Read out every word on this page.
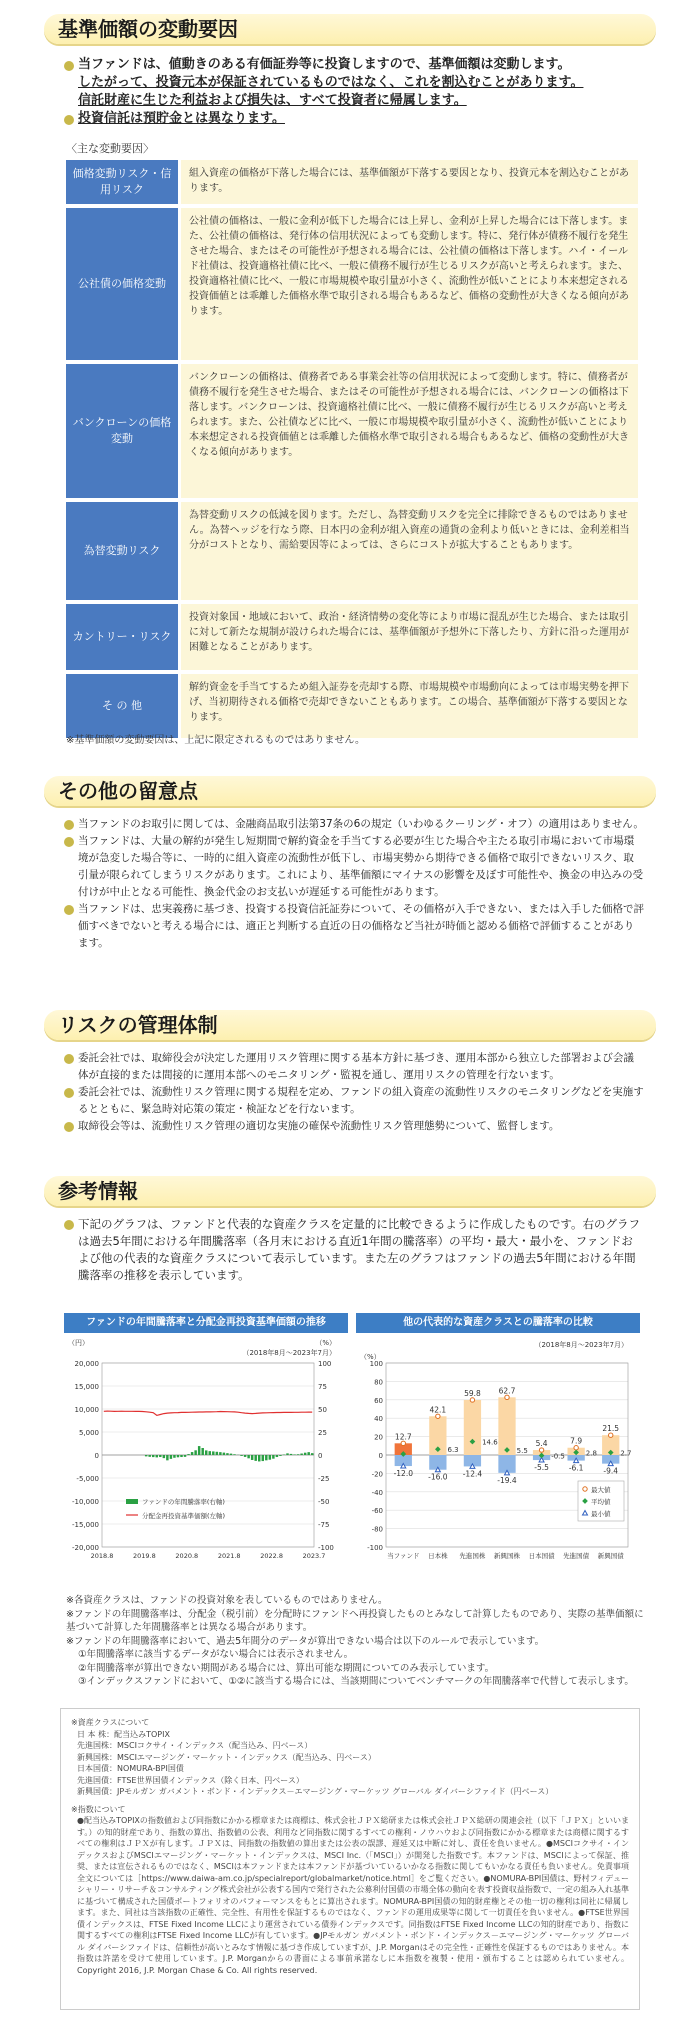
基準価額の変動要因
当ファンドは、値動きのある有価証券等に投資しますので、基準価額は変動します。
したがって、投資元本が保証されているものではなく、これを割込むことがあります。
信託財産に生じた利益および損失は、すべて投資者に帰属します。
投資信託は預貯金とは異なります。
〈主な変動要因〉
価格変動リスク・信用リスク
組入資産の価格が下落した場合には、基準価額が下落する要因となり、投資元本を割込むことがあります。
公社債の価格変動
公社債の価格は、一般に金利が低下した場合には上昇し、金利が上昇した場合には下落します。また、公社債の価格は、発行体の信用状況によっても変動します。特に、発行体が債務不履行を発生させた場合、またはその可能性が予想される場合には、公社債の価格は下落します。ハイ・イールド社債は、投資適格社債に比べ、一般に債務不履行が生じるリスクが高いと考えられます。また、投資適格社債に比べ、一般に市場規模や取引量が小さく、流動性が低いことにより本来想定される投資価値とは乖離した価格水準で取引される場合もあるなど、価格の変動性が大きくなる傾向があります。
バンクローンの価格変動
バンクローンの価格は、債務者である事業会社等の信用状況によって変動します。特に、債務者が債務不履行を発生させた場合、またはその可能性が予想される場合には、バンクローンの価格は下落します。バンクローンは、投資適格社債に比べ、一般に債務不履行が生じるリスクが高いと考えられます。また、公社債などに比べ、一般に市場規模や取引量が小さく、流動性が低いことにより本来想定される投資価値とは乖離した価格水準で取引される場合もあるなど、価格の変動性が大きくなる傾向があります。
為替変動リスク
為替変動リスクの低減を図ります。ただし、為替変動リスクを完全に排除できるものではありません。為替ヘッジを行なう際、日本円の金利が組入資産の通貨の金利より低いときには、金利差相当分がコストとなり、需給要因等によっては、さらにコストが拡大することもあります。
カントリー・リスク
投資対象国・地域において、政治・経済情勢の変化等により市場に混乱が生じた場合、または取引に対して新たな規制が設けられた場合には、基準価額が予想外に下落したり、方針に沿った運用が困難となることがあります。
そ の 他
解約資金を手当てするため組入証券を売却する際、市場規模や市場動向によっては市場実勢を押下げ、当初期待される価格で売却できないこともあります。この場合、基準価額が下落する要因となります。
※基準価額の変動要因は、上記に限定されるものではありません。
その他の留意点
当ファンドのお取引に関しては、金融商品取引法第37条の6の規定（いわゆるクーリング・オフ）の適用はありません。
当ファンドは、大量の解約が発生し短期間で解約資金を手当てする必要が生じた場合や主たる取引市場において市場環境が急変した場合等に、一時的に組入資産の流動性が低下し、市場実勢から期待できる価格で取引できないリスク、取引量が限られてしまうリスクがあります。これにより、基準価額にマイナスの影響を及ぼす可能性や、換金の申込みの受付けが中止となる可能性、換金代金のお支払いが遅延する可能性があります。
当ファンドは、忠実義務に基づき、投資する投資信託証券について、その価格が入手できない、または入手した価格で評価すべきでないと考える場合には、適正と判断する直近の日の価格など当社が時価と認める価格で評価することがあります。
リスクの管理体制
委託会社では、取締役会が決定した運用リスク管理に関する基本方針に基づき、運用本部から独立した部署および会議体が直接的または間接的に運用本部へのモニタリング・監視を通し、運用リスクの管理を行ないます。
委託会社では、流動性リスク管理に関する規程を定め、ファンドの組入資産の流動性リスクのモニタリングなどを実施するとともに、緊急時対応策の策定・検証などを行ないます。
取締役会等は、流動性リスク管理の適切な実施の確保や流動性リスク管理態勢について、監督します。
参考情報
下記のグラフは、ファンドと代表的な資産クラスを定量的に比較できるように作成したものです。右のグラフは過去5年間における年間騰落率（各月末における直近1年間の騰落率）の平均・最大・最小を、ファンドおよび他の代表的な資産クラスについて表示しています。また左のグラフはファンドの過去5年間における年間騰落率の推移を表示しています。
ファンドの年間騰落率と分配金再投資基準価額の推移
（円）	（%）
（2018年8月～2023年7月）
20,000	100
15,000	75
10,000	50
5,000	25
0	0
-5,000	-25
-10,000	-50
-15,000	-75
-20,000	-100
2018.8	2019.8	2020.8	2021.8	2022.8	2023.7
ファンドの年間騰落率(右軸)
分配金再投資基準価額(左軸)
他の代表的な資産クラスとの騰落率の比較
（%）
（2018年8月～2023年7月）
100
80
60
40
20
0
-20
-40
-60
-80
-100
12.7
-12.0
当ファンド
42.1
-16.0
6.3
日本株
59.8
-12.4
14.6
先進国株
62.7
-19.4
5.5
新興国株
5.4
-5.5
-0.5
日本国債
7.9
-6.1
2.8
先進国債
21.5
-9.4
2.7
新興国債
最大値
平均値
最小値
※各資産クラスは、ファンドの投資対象を表しているものではありません。
※ファンドの年間騰落率は、分配金（税引前）を分配時にファンドへ再投資したものとみなして計算したものであり、実際の基準価額に基づいて計算した年間騰落率とは異なる場合があります。
※ファンドの年間騰落率において、過去5年間分のデータが算出できない場合は以下のルールで表示しています。
①年間騰落率に該当するデータがない場合には表示されません。
②年間騰落率が算出できない期間がある場合には、算出可能な期間についてのみ表示しています。
③インデックスファンドにおいて、①②に該当する場合には、当該期間についてベンチマークの年間騰落率で代替して表示します。
※資産クラスについて
日 本 株：配当込みTOPIX
先進国株：MSCIコクサイ・インデックス（配当込み、円ベース）
新興国株：MSCIエマージング・マーケット・インデックス（配当込み、円ベース）
日本国債：NOMURA-BPI国債
先進国債：FTSE世界国債インデックス（除く日本、円ベース）
新興国債：JPモルガン ガバメント・ボンド・インデックス－エマージング・マーケッツ グローバル ダイバーシファイド（円ベース）
※指数について
●配当込みTOPIXの指数値および同指数にかかる標章または商標は、株式会社ＪＰＸ総研または株式会社ＪＰＸ総研の関連会社（以下「ＪＰＸ」といいます。）の知的財産であり、指数の算出、指数値の公表、利用など同指数に関するすべての権利・ノウハウおよび同指数にかかる標章または商標に関するすべての権利はＪＰＸが有します。ＪＰＸは、同指数の指数値の算出または公表の誤謬、遅延又は中断に対し、責任を負いません。●MSCIコクサイ・インデックスおよびMSCIエマージング・マーケット・インデックスは、MSCI Inc.（「MSCI」）が開発した指数です。本ファンドは、MSCIによって保証、推奨、または宣伝されるものではなく、MSCIは本ファンドまたは本ファンドが基づいているいかなる指数に関してもいかなる責任も負いません。免責事項全文については［https://www.daiwa-am.co.jp/specialreport/globalmarket/notice.html］をご覧ください。●NOMURA-BPI国債は、野村フィデューシャリー・リサーチ＆コンサルティング株式会社が公表する国内で発行された公募利付国債の市場全体の動向を表す投資収益指数で、一定の組み入れ基準に基づいて構成された国債ポートフォリオのパフォーマンスをもとに算出されます。NOMURA-BPI国債の知的財産権とその他一切の権利は同社に帰属します。また、同社は当該指数の正確性、完全性、有用性を保証するものではなく、ファンドの運用成果等に関して一切責任を負いません。●FTSE世界国債インデックスは、FTSE Fixed Income LLCにより運営されている債券インデックスです。同指数はFTSE Fixed Income LLCの知的財産であり、指数に関するすべての権利はFTSE Fixed Income LLCが有しています。●JPモルガン ガバメント・ボンド・インデックス－エマージング・マーケッツ グローバル ダイバーシファイドは、信頼性が高いとみなす情報に基づき作成していますが、J.P. Morganはその完全性・正確性を保証するものではありません。本指数は許諾を受けて使用しています。J.P. Morganからの書面による事前承諾なしに本指数を複製・使用・頒布することは認められていません。Copyright 2016, J.P. Morgan Chase & Co. All rights reserved.
